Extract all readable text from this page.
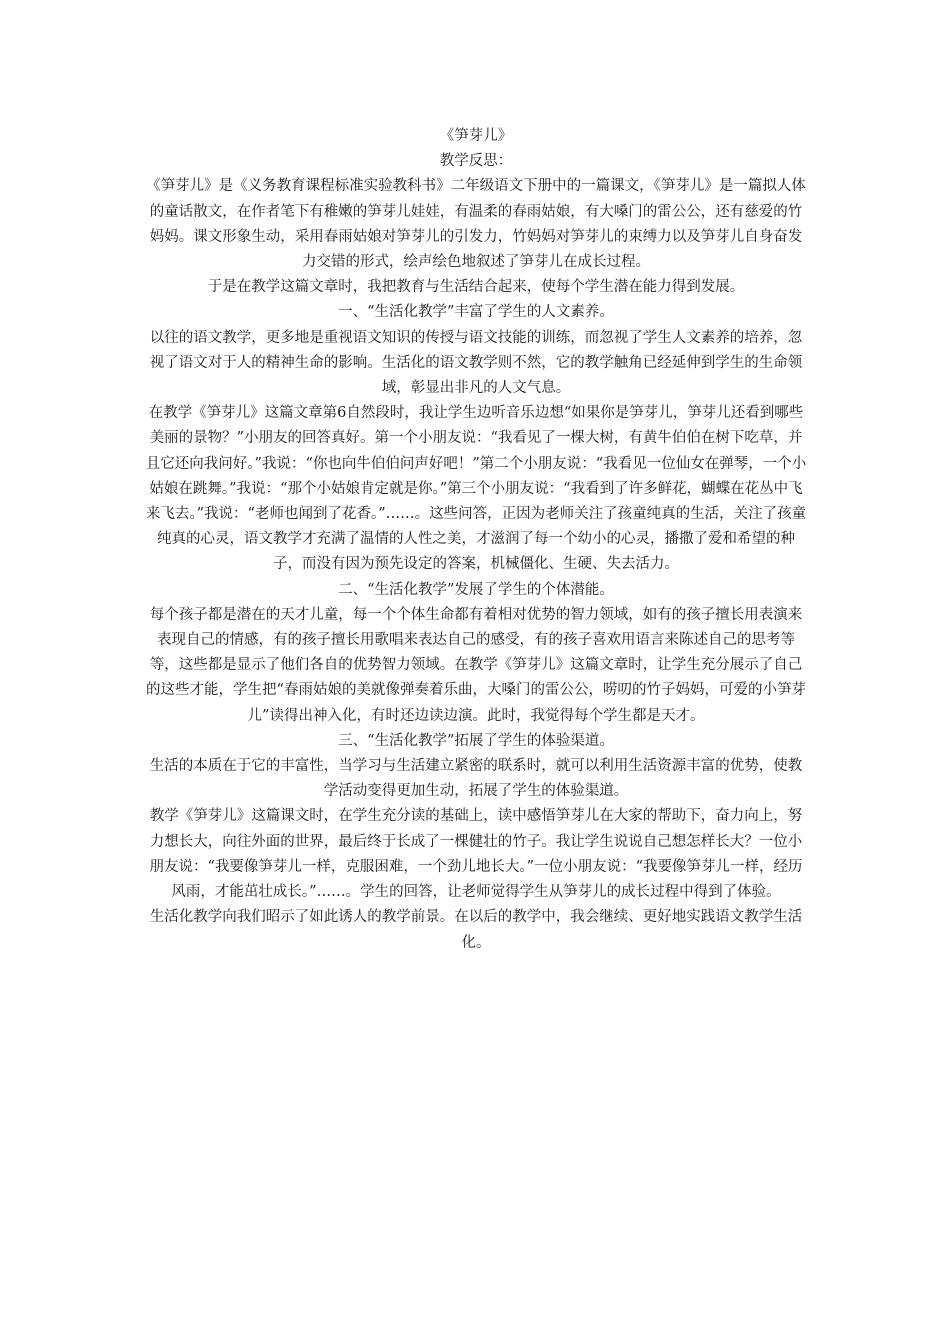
《笋芽儿》

教学反思：

《笋芽儿》是《义务教育课程标准实验教科书》二年级语文下册中的一篇课文，《笋芽儿》是一篇拟人体的童话散文，在作者笔下有稚嫩的笋芽儿娃娃，有温柔的春雨姑娘，有大嗓门的雷公公，还有慈爱的竹妈妈。课文形象生动，采用春雨姑娘对笋芽儿的引发力，竹妈妈对笋芽儿的束缚力以及笋芽儿自身奋发力交错的形式，绘声绘色地叙述了笋芽儿在成长过程。

于是在教学这篇文章时，我把教育与生活结合起来，使每个学生潜在能力得到发展。

一、“生活化教学”丰富了学生的人文素养。

以往的语文教学，更多地是重视语文知识的传授与语文技能的训练，而忽视了学生人文素养的培养，忽视了语文对于人的精神生命的影响。生活化的语文教学则不然，它的教学触角已经延伸到学生的生命领域，彰显出非凡的人文气息。

在教学《笋芽儿》这篇文章第6自然段时，我让学生边听音乐边想“如果你是笋芽儿，笋芽儿还看到哪些美丽的景物？”小朋友的回答真好。第一个小朋友说：“我看见了一棵大树，有黄牛伯伯在树下吃草，并且它还向我问好。”我说：“你也向牛伯伯问声好吧！”第二个小朋友说：“我看见一位仙女在弹琴，一个小姑娘在跳舞。”我说：“那个小姑娘肯定就是你。”第三个小朋友说：“我看到了许多鲜花，蝴蝶在花丛中飞来飞去。”我说：“老师也闻到了花香。”……。这些问答，正因为老师关注了孩童纯真的生活，关注了孩童纯真的心灵，语文教学才充满了温情的人性之美，才滋润了每一个幼小的心灵，播撒了爱和希望的种子，而没有因为预先设定的答案，机械僵化、生硬、失去活力。

二、“生活化教学”发展了学生的个体潜能。

每个孩子都是潜在的天才儿童，每一个个体生命都有着相对优势的智力领域，如有的孩子擅长用表演来表现自己的情感，有的孩子擅长用歌唱来表达自己的感受，有的孩子喜欢用语言来陈述自己的思考等等，这些都是显示了他们各自的优势智力领域。在教学《笋芽儿》这篇文章时，让学生充分展示了自己的这些才能，学生把“春雨姑娘的美就像弹奏着乐曲，大嗓门的雷公公，唠叨的竹子妈妈，可爱的小笋芽儿”读得出神入化，有时还边读边演。此时，我觉得每个学生都是天才。

三、“生活化教学”拓展了学生的体验渠道。

生活的本质在于它的丰富性，当学习与生活建立紧密的联系时，就可以利用生活资源丰富的优势，使教学活动变得更加生动，拓展了学生的体验渠道。

教学《笋芽儿》这篇课文时，在学生充分读的基础上，读中感悟笋芽儿在大家的帮助下，奋力向上，努力想长大，向往外面的世界，最后终于长成了一棵健壮的竹子。我让学生说说自己想怎样长大？一位小朋友说：“我要像笋芽儿一样，克服困难，一个劲儿地长大。”一位小朋友说：“我要像笋芽儿一样，经历风雨，才能茁壮成长。”……。学生的回答，让老师觉得学生从笋芽儿的成长过程中得到了体验。

生活化教学向我们昭示了如此诱人的教学前景。在以后的教学中，我会继续、更好地实践语文教学生活化。
